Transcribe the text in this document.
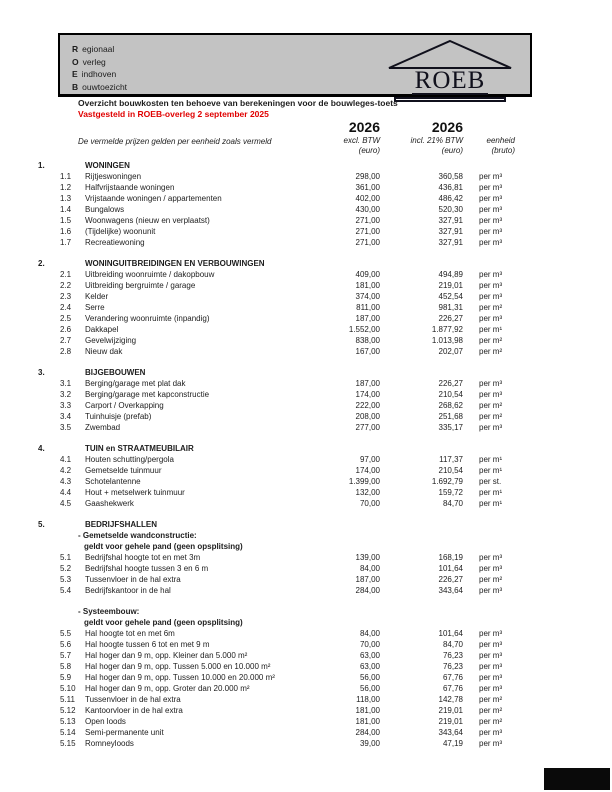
R egionaal
O verleg
E indhoven
B ouwtoezicht	ROEB
Overzicht bouwkosten ten behoeve van berekeningen voor de bouwleges-toets
Vastgesteld in ROEB-overleg 2 september 2025
De vermelde prijzen gelden per eenheid zoals vermeld
2026
excl. BTW
(euro)
2026
incl. 21% BTW
(euro)
eenheid
(bruto)
1.	WONINGEN
1.1	Rijtjeswoningen	298,00	360,58	per m³
1.2	Halfvrijstaande woningen	361,00	436,81	per m³
1.3	Vrijstaande woningen / appartementen	402,00	486,42	per m³
1.4	Bungalows	430,00	520,30	per m³
1.5	Woonwagens (nieuw en verplaatst)	271,00	327,91	per m³
1.6	(Tijdelijke) woonunit	271,00	327,91	per m³
1.7	Recreatiewoning	271,00	327,91	per m³
2.	WONINGUITBREIDINGEN EN VERBOUWINGEN
2.1	Uitbreiding woonruimte / dakopbouw	409,00	494,89	per m³
2.2	Uitbreiding bergruimte / garage	181,00	219,01	per m³
2.3	Kelder	374,00	452,54	per m³
2.4	Serre	811,00	981,31	per m²
2.5	Verandering woonruimte (inpandig)	187,00	226,27	per m³
2.6	Dakkapel	1.552,00	1.877,92	per m¹
2.7	Gevelwijziging	838,00	1.013,98	per m²
2.8	Nieuw dak	167,00	202,07	per m²
3.	BIJGEBOUWEN
3.1	Berging/garage met plat dak	187,00	226,27	per m³
3.2	Berging/garage met kapconstructie	174,00	210,54	per m³
3.3	Carport / Overkapping	222,00	268,62	per m²
3.4	Tuinhuisje (prefab)	208,00	251,68	per m²
3.5	Zwembad	277,00	335,17	per m³
4.	TUIN en STRAATMEUBILAIR
4.1	Houten schutting/pergola	97,00	117,37	per m¹
4.2	Gemetselde tuinmuur	174,00	210,54	per m¹
4.3	Schotelantenne	1.399,00	1.692,79	per st.
4.4	Hout + metselwerk tuinmuur	132,00	159,72	per m¹
4.5	Gaashekwerk	70,00	84,70	per m¹
5.	BEDRIJFSHALLEN
- Gemetselde wandconstructie:
geldt voor gehele pand (geen opsplitsing)
5.1	Bedrijfshal hoogte tot en met 3m	139,00	168,19	per m³
5.2	Bedrijfshal hoogte tussen 3 en 6 m	84,00	101,64	per m³
5.3	Tussenvloer in de hal extra	187,00	226,27	per m²
5.4	Bedrijfskantoor in de hal	284,00	343,64	per m³
- Systeembouw:
geldt voor gehele pand (geen opsplitsing)
5.5	Hal hoogte tot en met 6m	84,00	101,64	per m³
5.6	Hal hoogte tussen 6 tot en met 9 m	70,00	84,70	per m³
5.7	Hal hoger dan 9 m, opp. Kleiner dan 5.000 m²	63,00	76,23	per m³
5.8	Hal hoger dan 9 m, opp. Tussen 5.000 en 10.000 m²	63,00	76,23	per m³
5.9	Hal hoger dan 9 m, opp. Tussen 10.000 en 20.000 m²	56,00	67,76	per m³
5.10	Hal hoger dan 9 m, opp. Groter dan 20.000 m²	56,00	67,76	per m³
5.11	Tussenvloer in de hal extra	118,00	142,78	per m²
5.12	Kantoorvloer in de hal extra	181,00	219,01	per m²
5.13	Open loods	181,00	219,01	per m²
5.14	Semi-permanente unit	284,00	343,64	per m³
5.15	Romneyloods	39,00	47,19	per m³
